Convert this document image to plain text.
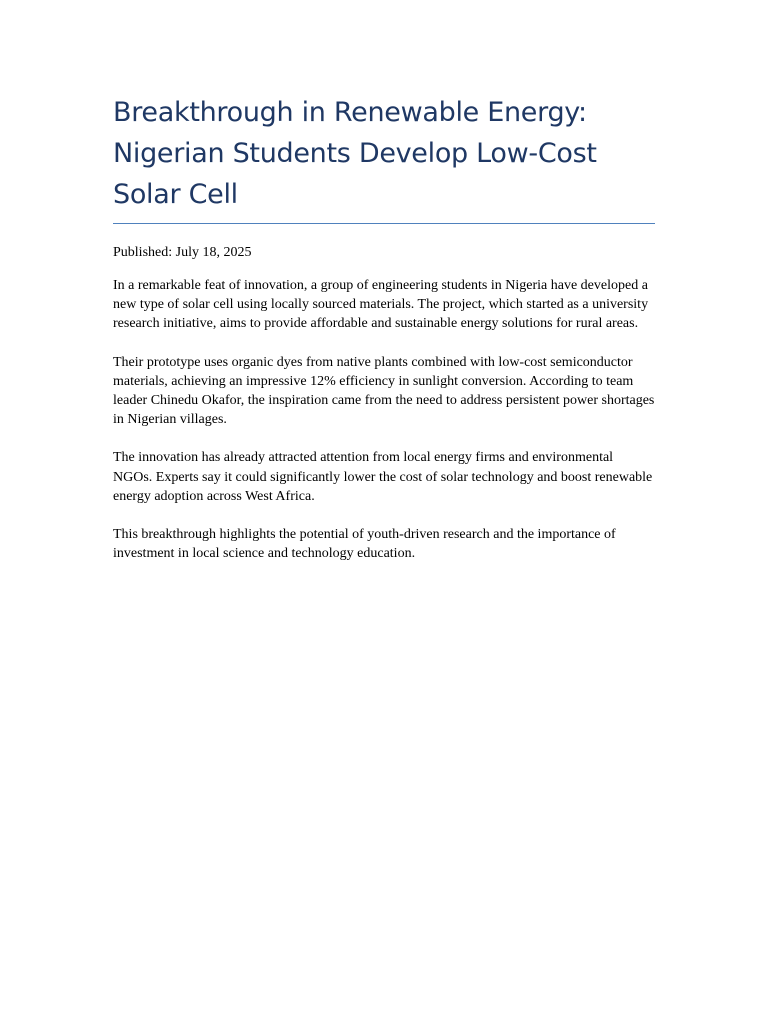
Breakthrough in Renewable Energy: Nigerian Students Develop Low-Cost Solar Cell

Published: July 18, 2025

In a remarkable feat of innovation, a group of engineering students in Nigeria have developed a new type of solar cell using locally sourced materials. The project, which started as a university research initiative, aims to provide affordable and sustainable energy solutions for rural areas.

Their prototype uses organic dyes from native plants combined with low-cost semiconductor materials, achieving an impressive 12% efficiency in sunlight conversion. According to team leader Chinedu Okafor, the inspiration came from the need to address persistent power shortages in Nigerian villages.

The innovation has already attracted attention from local energy firms and environmental NGOs. Experts say it could significantly lower the cost of solar technology and boost renewable energy adoption across West Africa.

This breakthrough highlights the potential of youth-driven research and the importance of investment in local science and technology education.
